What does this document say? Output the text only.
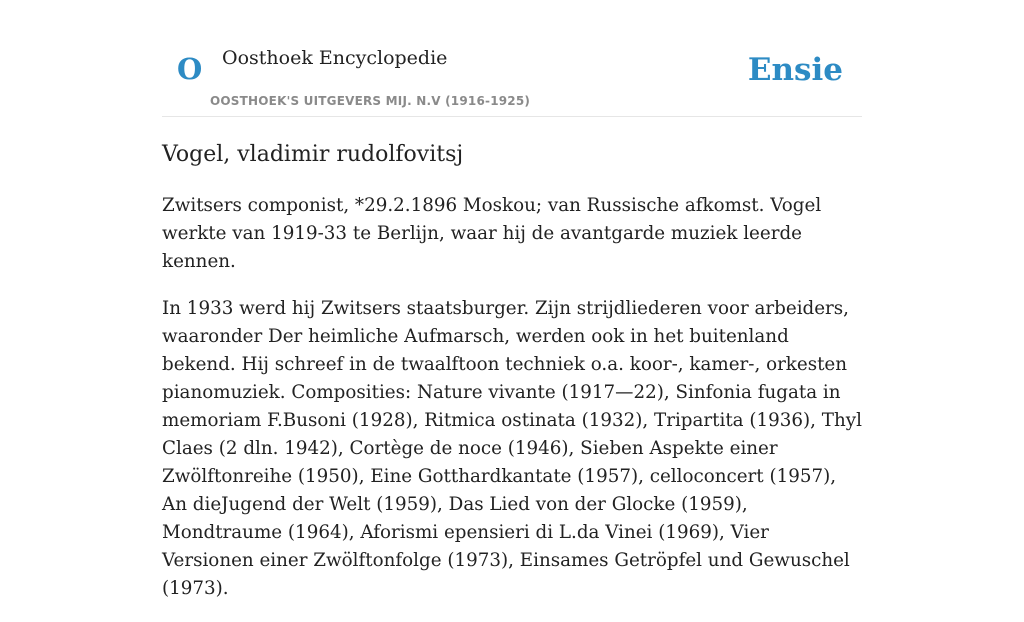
O Oosthoek Encyclopedie
OOSTHOEK'S UITGEVERS MIJ. N.V (1916-1925)
Ensie
Vogel, vladimir rudolfovitsj

Zwitsers componist, *29.2.1896 Moskou; van Russische afkomst. Vogel werkte van 1919-33 te Berlijn, waar hij de avantgarde muziek leerde kennen.

In 1933 werd hij Zwitsers staatsburger. Zijn strijdliederen voor arbeiders, waaronder Der heimliche Aufmarsch, werden ook in het buitenland bekend. Hij schreef in de twaalftoon techniek o.a. koor-, kamer-, orkesten pianomuziek. Composities: Nature vivante (1917—22), Sinfonia fugata in memoriam F.Busoni (1928), Ritmica ostinata (1932), Tripartita (1936), Thyl Claes (2 dln. 1942), Cortège de noce (1946), Sieben Aspekte einer Zwölftonreihe (1950), Eine Gotthardkantate (1957), celloconcert (1957), An dieJugend der Welt (1959), Das Lied von der Glocke (1959), Mondtraume (1964), Aforismi epensieri di L.da Vinei (1969), Vier Versionen einer Zwölftonfolge (1973), Einsames Getröpfel und Gewuschel (1973).
